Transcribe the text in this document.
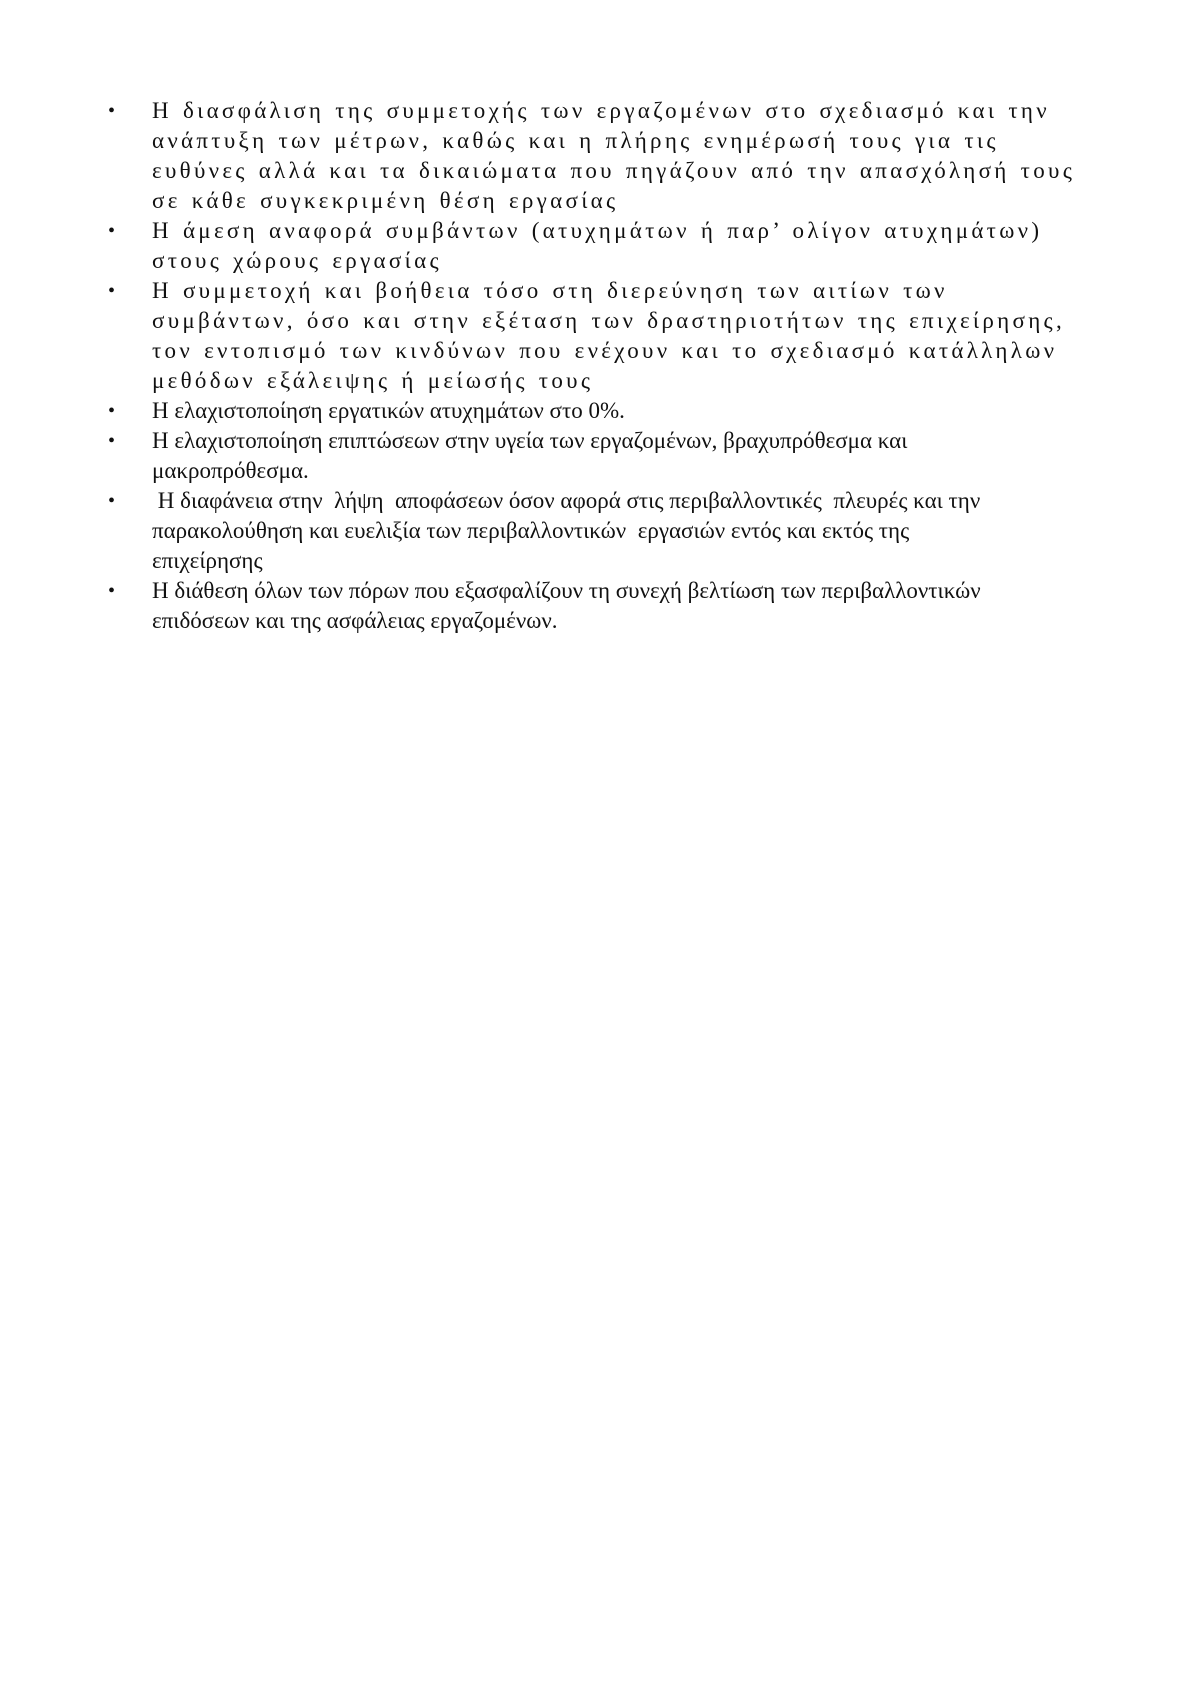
•	Η διασφάλιση της συμμετοχής των εργαζομένων στο σχεδιασμό και την
ανάπτυξη των μέτρων, καθώς και η πλήρης ενημέρωσή τους για τις
ευθύνες αλλά και τα δικαιώματα που πηγάζουν από την απασχόλησή τους
σε κάθε συγκεκριμένη θέση εργασίας
•	Η άμεση αναφορά συμβάντων (ατυχημάτων ή παρ’ ολίγον ατυχημάτων)
στους χώρους εργασίας
•	Η συμμετοχή και βοήθεια τόσο στη διερεύνηση των αιτίων των
συμβάντων, όσο και στην εξέταση των δραστηριοτήτων της επιχείρησης,
τον εντοπισμό των κινδύνων που ενέχουν και το σχεδιασμό κατάλληλων
μεθόδων εξάλειψης ή μείωσής τους
•	Η ελαχιστοποίηση εργατικών ατυχημάτων στο 0%.
•	Η ελαχιστοποίηση επιπτώσεων στην υγεία των εργαζομένων, βραχυπρόθεσμα και
μακροπρόθεσμα.
•	Η διαφάνεια στην  λήψη  αποφάσεων όσον αφορά στις περιβαλλοντικές  πλευρές και την
παρακολούθηση και ευελιξία των περιβαλλοντικών  εργασιών εντός και εκτός της
επιχείρησης
•	Η διάθεση όλων των πόρων που εξασφαλίζουν τη συνεχή βελτίωση των περιβαλλοντικών
επιδόσεων και της ασφάλειας εργαζομένων.
